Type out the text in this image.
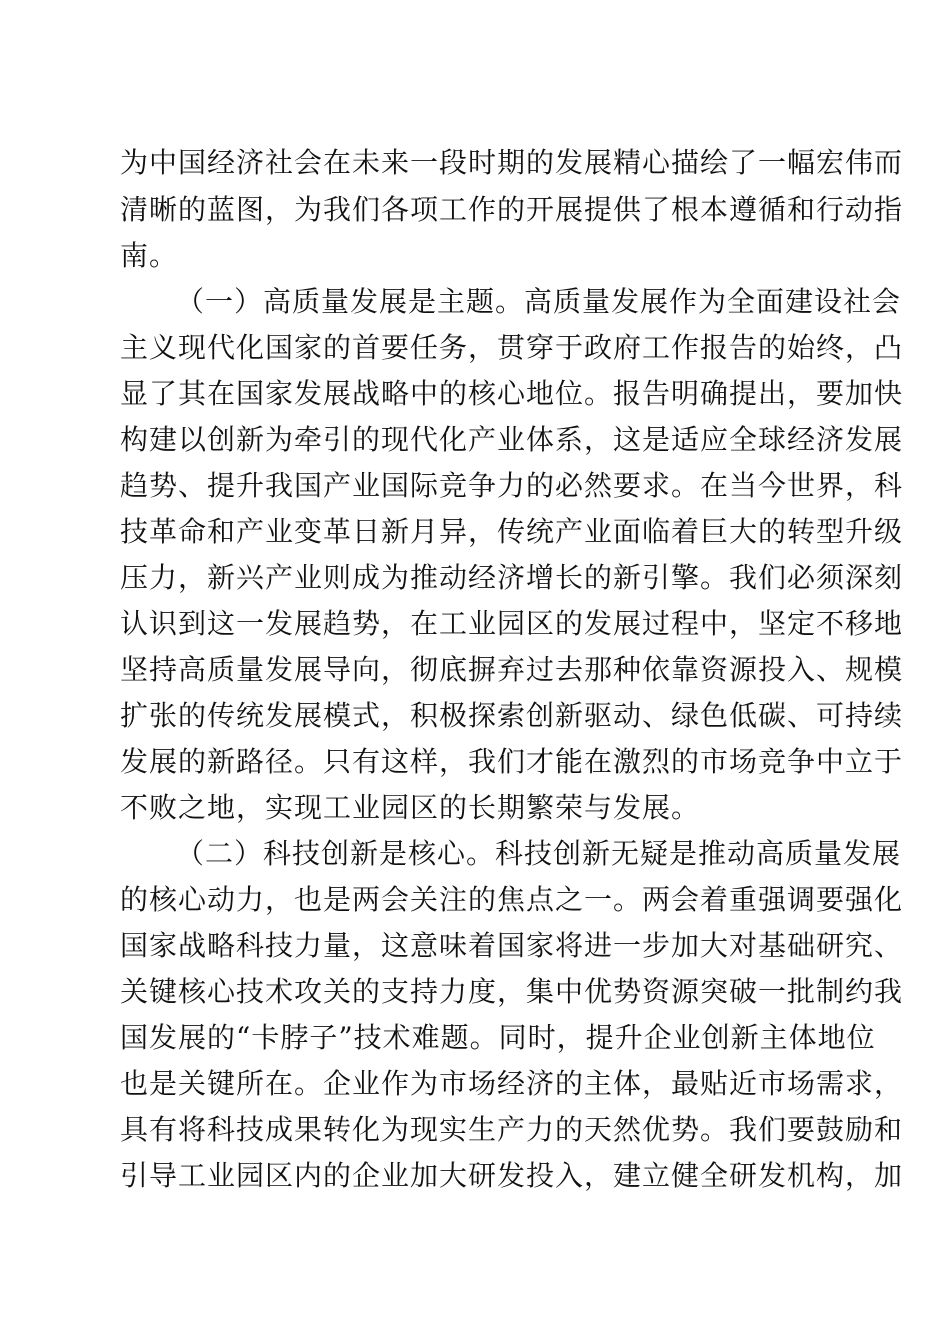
为中国经济社会在未来一段时期的发展精心描绘了一幅宏伟而
清晰的蓝图，为我们各项工作的开展提供了根本遵循和行动指
南。
（一）高质量发展是主题。高质量发展作为全面建设社会
主义现代化国家的首要任务，贯穿于政府工作报告的始终，凸
显了其在国家发展战略中的核心地位。报告明确提出，要加快
构建以创新为牵引的现代化产业体系，这是适应全球经济发展
趋势、提升我国产业国际竞争力的必然要求。在当今世界，科
技革命和产业变革日新月异，传统产业面临着巨大的转型升级
压力，新兴产业则成为推动经济增长的新引擎。我们必须深刻
认识到这一发展趋势，在工业园区的发展过程中，坚定不移地
坚持高质量发展导向，彻底摒弃过去那种依靠资源投入、规模
扩张的传统发展模式，积极探索创新驱动、绿色低碳、可持续
发展的新路径。只有这样，我们才能在激烈的市场竞争中立于
不败之地，实现工业园区的长期繁荣与发展。
（二）科技创新是核心。科技创新无疑是推动高质量发展
的核心动力，也是两会关注的焦点之一。两会着重强调要强化
国家战略科技力量，这意味着国家将进一步加大对基础研究、
关键核心技术攻关的支持力度，集中优势资源突破一批制约我
国发展的“卡脖子”技术难题。同时，提升企业创新主体地位
也是关键所在。企业作为市场经济的主体，最贴近市场需求，
具有将科技成果转化为现实生产力的天然优势。我们要鼓励和
引导工业园区内的企业加大研发投入，建立健全研发机构，加
